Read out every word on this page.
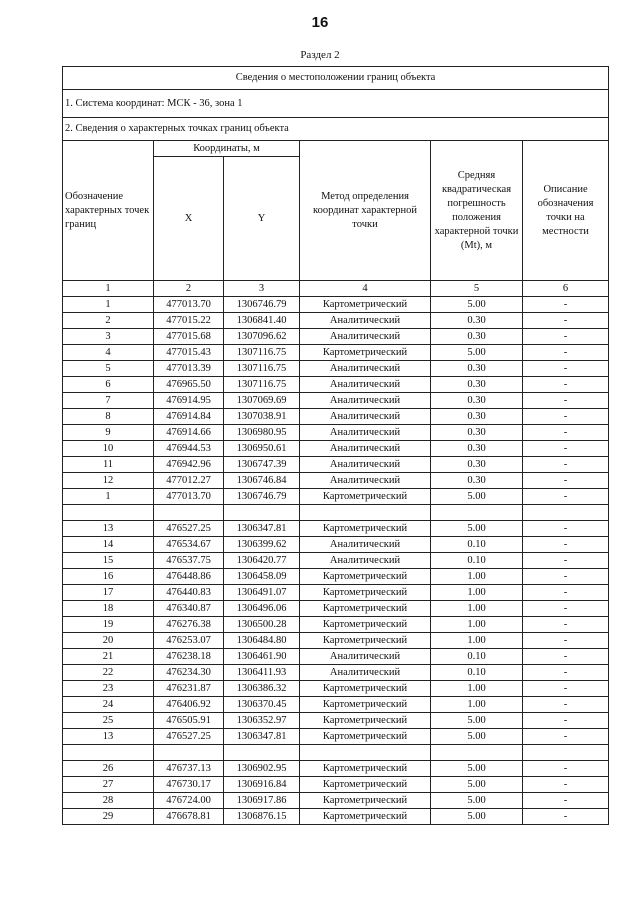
16
Раздел 2
Сведения о местоположении границ объекта					
1. Система координат: МСК - 36, зона 1					
2. Сведения о характерных точках границ объекта					
Обозначение характерных точек границ	Координаты, м		Метод определения координат характерной точки	Средняя квадратическая погрешность положения характерной точки (Mt), м	Описание обозначения точки на местности
	X	Y			
1	2	3	4	5	6
1	477013.70	1306746.79	Картометрический	5.00	-
2	477015.22	1306841.40	Аналитический	0.30	-
3	477015.68	1307096.62	Аналитический	0.30	-
4	477015.43	1307116.75	Картометрический	5.00	-
5	477013.39	1307116.75	Аналитический	0.30	-
6	476965.50	1307116.75	Аналитический	0.30	-
7	476914.95	1307069.69	Аналитический	0.30	-
8	476914.84	1307038.91	Аналитический	0.30	-
9	476914.66	1306980.95	Аналитический	0.30	-
10	476944.53	1306950.61	Аналитический	0.30	-
11	476942.96	1306747.39	Аналитический	0.30	-
12	477012.27	1306746.84	Аналитический	0.30	-
1	477013.70	1306746.79	Картометрический	5.00	-

13	476527.25	1306347.81	Картометрический	5.00	-
14	476534.67	1306399.62	Аналитический	0.10	-
15	476537.75	1306420.77	Аналитический	0.10	-
16	476448.86	1306458.09	Картометрический	1.00	-
17	476440.83	1306491.07	Картометрический	1.00	-
18	476340.87	1306496.06	Картометрический	1.00	-
19	476276.38	1306500.28	Картометрический	1.00	-
20	476253.07	1306484.80	Картометрический	1.00	-
21	476238.18	1306461.90	Аналитический	0.10	-
22	476234.30	1306411.93	Аналитический	0.10	-
23	476231.87	1306386.32	Картометрический	1.00	-
24	476406.92	1306370.45	Картометрический	1.00	-
25	476505.91	1306352.97	Картометрический	5.00	-
13	476527.25	1306347.81	Картометрический	5.00	-

26	476737.13	1306902.95	Картометрический	5.00	-
27	476730.17	1306916.84	Картометрический	5.00	-
28	476724.00	1306917.86	Картометрический	5.00	-
29	476678.81	1306876.15	Картометрический	5.00	-
